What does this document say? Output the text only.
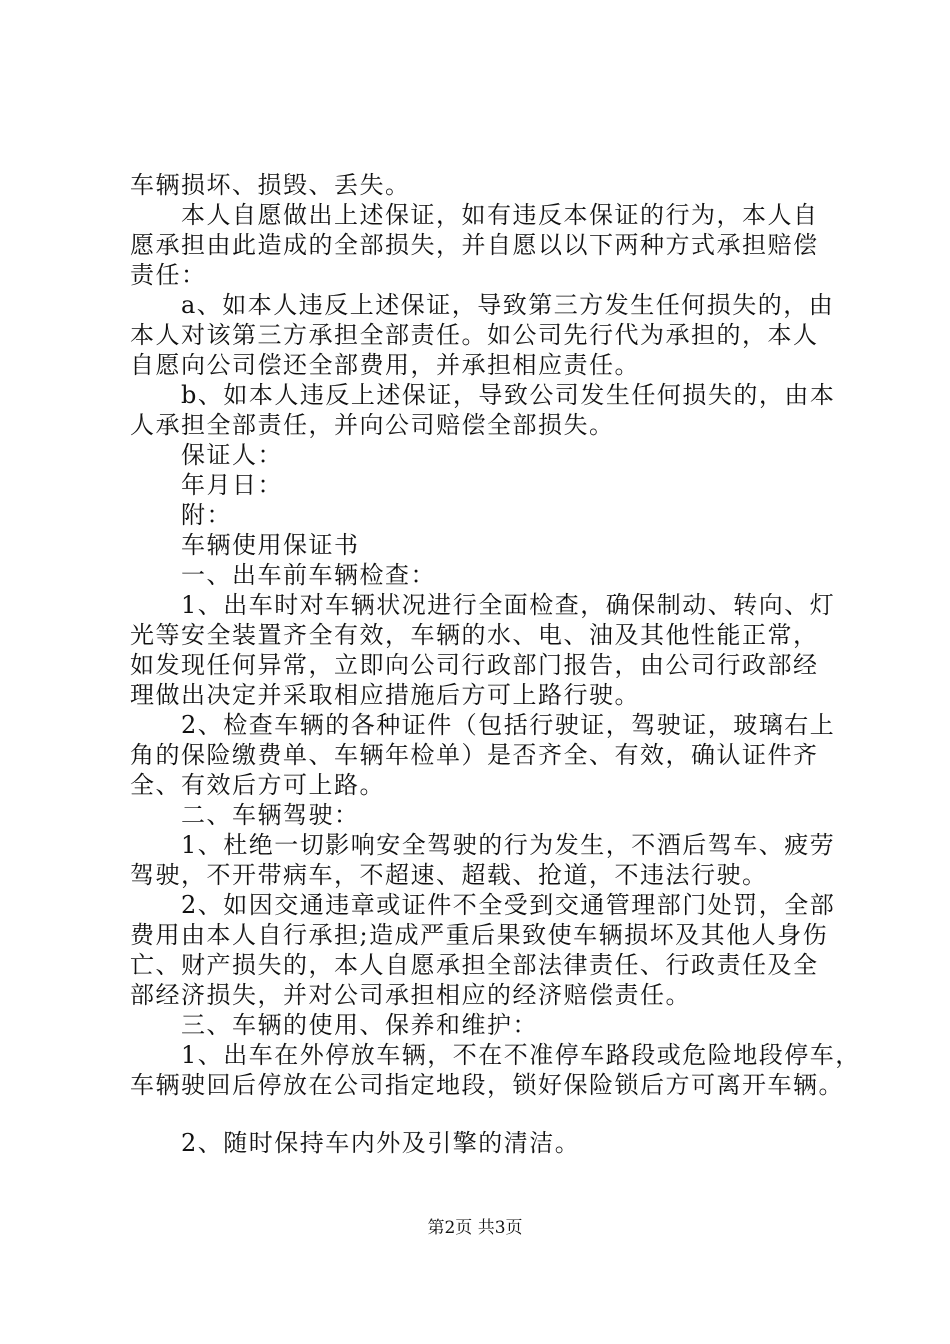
车辆损坏、损毁、丢失。
　　本人自愿做出上述保证，如有违反本保证的行为，本人自
愿承担由此造成的全部损失，并自愿以以下两种方式承担赔偿
责任：
　　a、如本人违反上述保证，导致第三方发生任何损失的，由
本人对该第三方承担全部责任。如公司先行代为承担的，本人
自愿向公司偿还全部费用，并承担相应责任。
　　b、如本人违反上述保证，导致公司发生任何损失的，由本
人承担全部责任，并向公司赔偿全部损失。
　　保证人：
　　年月日：
　　附：
　　车辆使用保证书
　　一、出车前车辆检查：
　　1、出车时对车辆状况进行全面检查，确保制动、转向、灯
光等安全装置齐全有效，车辆的水、电、油及其他性能正常，
如发现任何异常，立即向公司行政部门报告，由公司行政部经
理做出决定并采取相应措施后方可上路行驶。
　　2、检查车辆的各种证件（包括行驶证，驾驶证，玻璃右上
角的保险缴费单、车辆年检单）是否齐全、有效，确认证件齐
全、有效后方可上路。
　　二、车辆驾驶：
　　1、杜绝一切影响安全驾驶的行为发生，不酒后驾车、疲劳
驾驶，不开带病车，不超速、超载、抢道，不违法行驶。
　　2、如因交通违章或证件不全受到交通管理部门处罚，全部
费用由本人自行承担;造成严重后果致使车辆损坏及其他人身伤
亡、财产损失的，本人自愿承担全部法律责任、行政责任及全
部经济损失，并对公司承担相应的经济赔偿责任。
　　三、车辆的使用、保养和维护：
　　1、出车在外停放车辆，不在不准停车路段或危险地段停车，
车辆驶回后停放在公司指定地段，锁好保险锁后方可离开车辆。
　　2、随时保持车内外及引擎的清洁。
第2页 共3页
